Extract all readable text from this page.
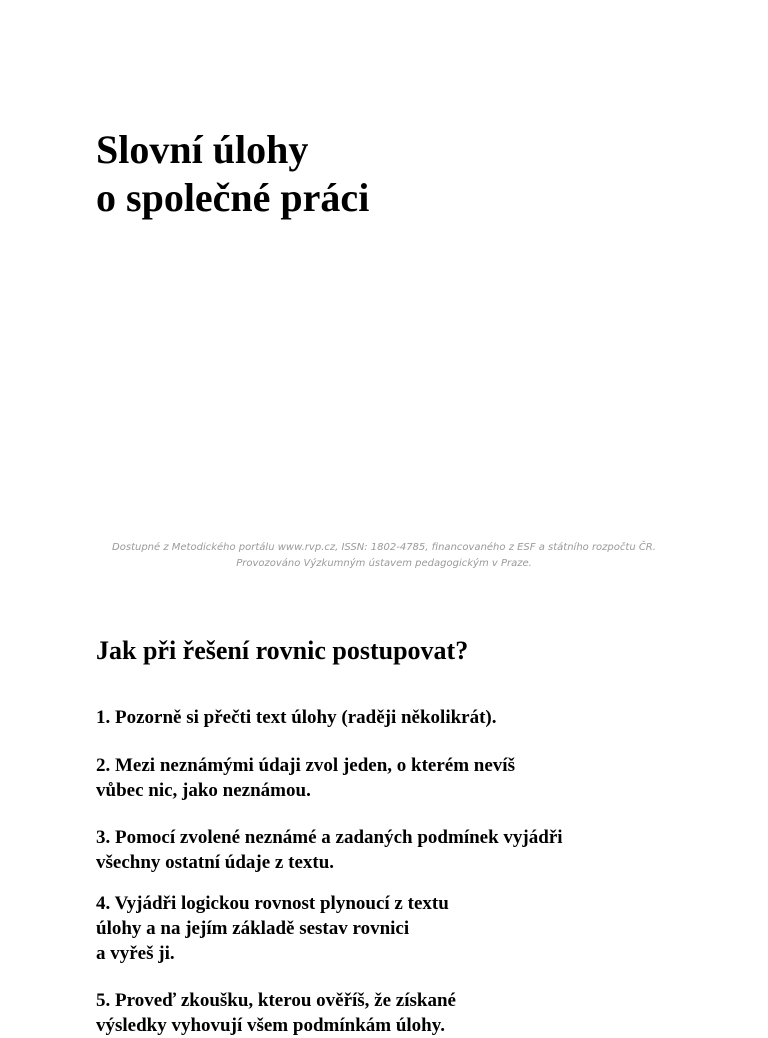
Slovní úlohy
o společné práci
Dostupné z Metodického portálu www.rvp.cz, ISSN: 1802-4785, financovaného z ESF a státního rozpočtu ČR.
Provozováno Výzkumným ústavem pedagogickým v Praze.
Jak při řešení rovnic postupovat?

1. Pozorně si přečti text úlohy (raději několikrát).

2. Mezi neznámými údaji zvol jeden, o kterém nevíš
vůbec nic, jako neznámou.

3. Pomocí zvolené neznámé a zadaných podmínek vyjádři
všechny ostatní údaje z textu.

4. Vyjádři logickou rovnost plynoucí z textu
úlohy a na jejím základě sestav rovnici
a vyřeš ji.

5. Proveď zkoušku, kterou ověříš, že získané
výsledky vyhovují všem podmínkám úlohy.
